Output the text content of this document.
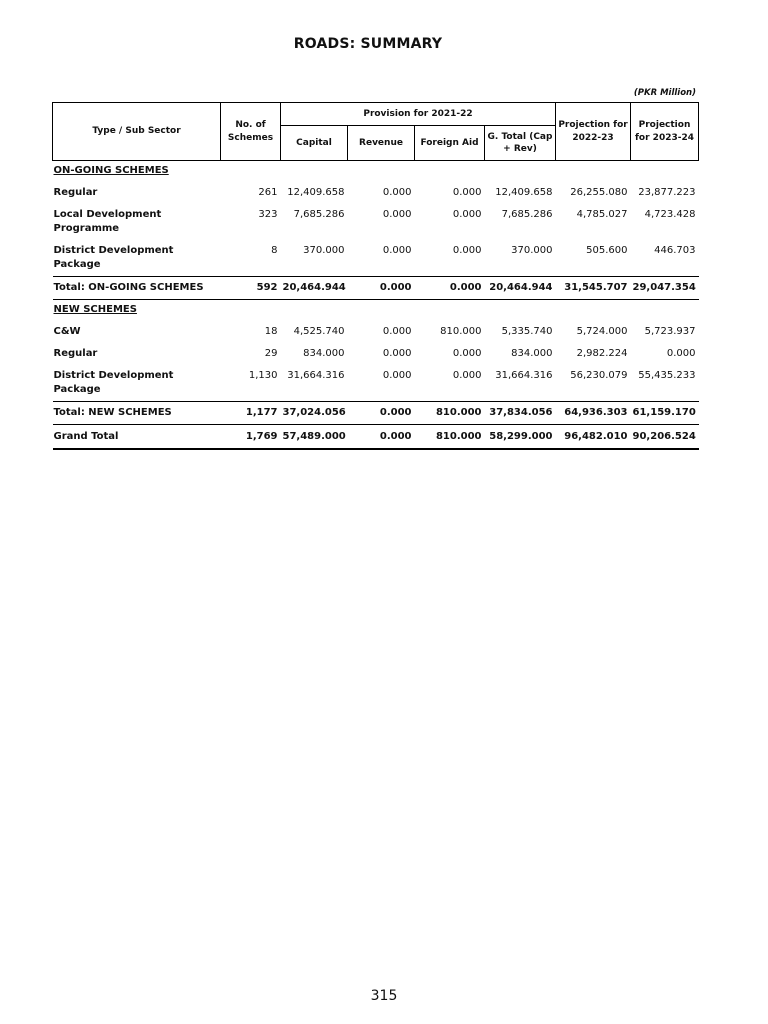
ROADS: SUMMARY
(PKR Million)
Type / Sub Sector	No. of Schemes	Provision for 2021-22				Projection for 2022-23	Projection for 2023-24
		Capital	Revenue	Foreign Aid	G. Total (Cap + Rev)		
ON-GOING SCHEMES							
Regular	261	12,409.658	0.000	0.000	12,409.658	26,255.080	23,877.223
Local Development Programme	323	7,685.286	0.000	0.000	7,685.286	4,785.027	4,723.428
District Development Package	8	370.000	0.000	0.000	370.000	505.600	446.703
Total: ON-GOING SCHEMES	592	20,464.944	0.000	0.000	20,464.944	31,545.707	29,047.354
NEW SCHEMES							
C&W	18	4,525.740	0.000	810.000	5,335.740	5,724.000	5,723.937
Regular	29	834.000	0.000	0.000	834.000	2,982.224	0.000
District Development Package	1,130	31,664.316	0.000	0.000	31,664.316	56,230.079	55,435.233
Total: NEW SCHEMES	1,177	37,024.056	0.000	810.000	37,834.056	64,936.303	61,159.170
Grand Total	1,769	57,489.000	0.000	810.000	58,299.000	96,482.010	90,206.524
315
